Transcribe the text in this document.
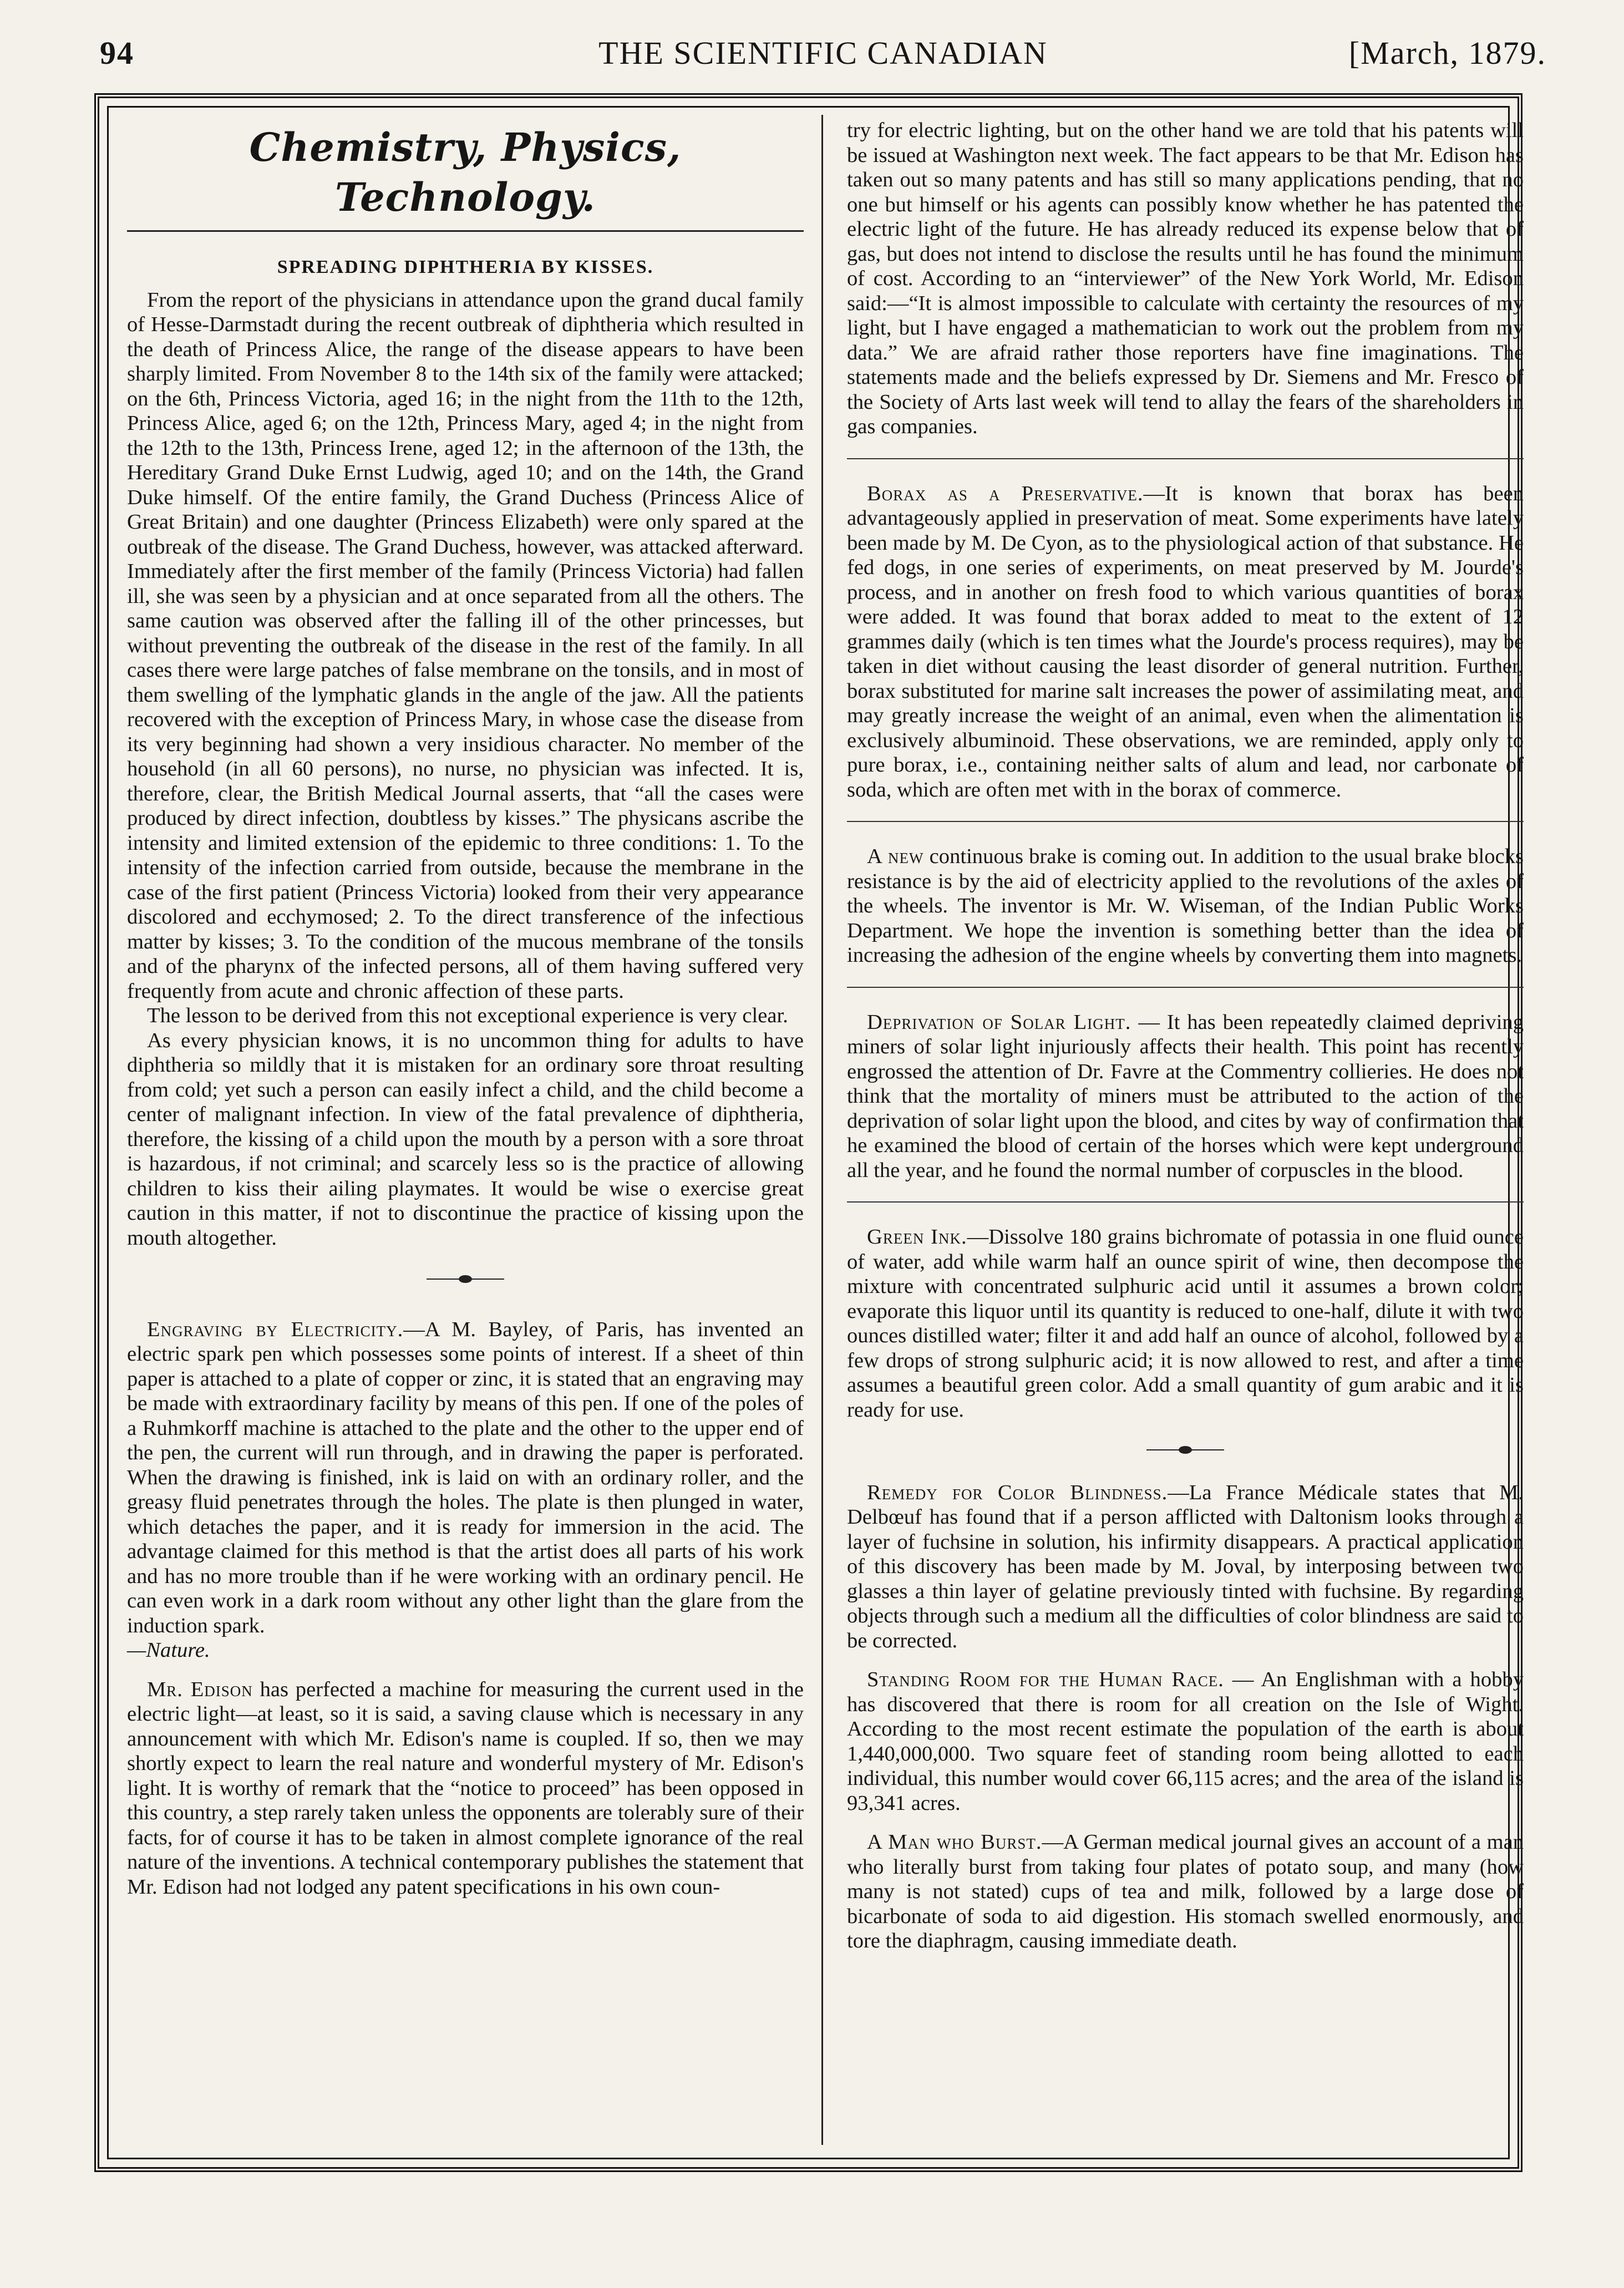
94	THE SCIENTIFIC CANADIAN	[March, 1879.
Chemistry, Physics, Technology.
SPREADING DIPHTHERIA BY KISSES.

From the report of the physicians in attendance upon the grand ducal family of Hesse-Darmstadt during the recent outbreak of diphtheria which resulted in the death of Princess Alice, the range of the disease appears to have been sharply limited. From November 8 to the 14th six of the family were attacked; on the 6th, Princess Victoria, aged 16; in the night from the 11th to the 12th, Princess Alice, aged 6; on the 12th, Princess Mary, aged 4; in the night from the 12th to the 13th, Princess Irene, aged 12; in the afternoon of the 13th, the Hereditary Grand Duke Ernst Ludwig, aged 10; and on the 14th, the Grand Duke himself. Of the entire family, the Grand Duchess (Princess Alice of Great Britain) and one daughter (Princess Elizabeth) were only spared at the outbreak of the disease. The Grand Duchess, however, was attacked afterward. Immediately after the first member of the family (Princess Victoria) had fallen ill, she was seen by a physician and at once separated from all the others. The same caution was observed after the falling ill of the other princesses, but without preventing the outbreak of the disease in the rest of the family. In all cases there were large patches of false membrane on the tonsils, and in most of them swelling of the lymphatic glands in the angle of the jaw. All the patients recovered with the exception of Princess Mary, in whose case the disease from its very beginning had shown a very insidious character. No member of the household (in all 60 persons), no nurse, no physician was infected. It is, therefore, clear, the British Medical Journal asserts, that “all the cases were produced by direct infection, doubtless by kisses.” The physicans ascribe the intensity and limited extension of the epidemic to three conditions: 1. To the intensity of the infection carried from outside, because the membrane in the case of the first patient (Princess Victoria) looked from their very appearance discolored and ecchymosed; 2. To the direct transference of the infectious matter by kisses; 3. To the condition of the mucous membrane of the tonsils and of the pharynx of the infected persons, all of them having suffered very frequently from acute and chronic affection of these parts.

The lesson to be derived from this not exceptional experience is very clear.

As every physician knows, it is no uncommon thing for adults to have diphtheria so mildly that it is mistaken for an ordinary sore throat resulting from cold; yet such a person can easily infect a child, and the child become a center of malignant infection. In view of the fatal prevalence of diphtheria, therefore, the kissing of a child upon the mouth by a person with a sore throat is hazardous, if not criminal; and scarcely less so is the practice of allowing children to kiss their ailing playmates. It would be wise o exercise great caution in this matter, if not to discontinue the practice of kissing upon the mouth altogether.

Engraving by Electricity.—A M. Bayley, of Paris, has invented an electric spark pen which possesses some points of interest. If a sheet of thin paper is attached to a plate of copper or zinc, it is stated that an engraving may be made with extraordinary facility by means of this pen. If one of the poles of a Ruhmkorff machine is attached to the plate and the other to the upper end of the pen, the current will run through, and in drawing the paper is perforated. When the drawing is finished, ink is laid on with an ordinary roller, and the greasy fluid penetrates through the holes. The plate is then plunged in water, which detaches the paper, and it is ready for immersion in the acid. The advantage claimed for this method is that the artist does all parts of his work and has no more trouble than if he were working with an ordinary pencil. He can even work in a dark room without any other light than the glare from the induction spark.
—Nature.

Mr. Edison has perfected a machine for measuring the current used in the electric light—at least, so it is said, a saving clause which is necessary in any announcement with which Mr. Edison's name is coupled. If so, then we may shortly expect to learn the real nature and wonderful mystery of Mr. Edison's light. It is worthy of remark that the “notice to proceed” has been opposed in this country, a step rarely taken unless the opponents are tolerably sure of their facts, for of course it has to be taken in almost complete ignorance of the real nature of the inventions. A technical contemporary publishes the statement that Mr. Edison had not lodged any patent specifications in his own coun-

try for electric lighting, but on the other hand we are told that his patents will be issued at Washington next week. The fact appears to be that Mr. Edison has taken out so many patents and has still so many applications pending, that no one but himself or his agents can possibly know whether he has patented the electric light of the future. He has already reduced its expense below that of gas, but does not intend to disclose the results until he has found the minimum of cost. According to an “interviewer” of the New York World, Mr. Edison said:—“It is almost impossible to calculate with certainty the resources of my light, but I have engaged a mathematician to work out the problem from my data.” We are afraid rather those reporters have fine imaginations. The statements made and the beliefs expressed by Dr. Siemens and Mr. Fresco of the Society of Arts last week will tend to allay the fears of the shareholders in gas companies.

Borax as a Preservative.—It is known that borax has been advantageously applied in preservation of meat. Some experiments have lately been made by M. De Cyon, as to the physiological action of that substance. He fed dogs, in one series of experiments, on meat preserved by M. Jourde's process, and in another on fresh food to which various quantities of borax were added. It was found that borax added to meat to the extent of 12 grammes daily (which is ten times what the Jourde's process requires), may be taken in diet without causing the least disorder of general nutrition. Further, borax substituted for marine salt increases the power of assimilating meat, and may greatly increase the weight of an animal, even when the alimentation is exclusively albuminoid. These observations, we are reminded, apply only to pure borax, i.e., containing neither salts of alum and lead, nor carbonate of soda, which are often met with in the borax of commerce.

A new continuous brake is coming out. In addition to the usual brake blocks resistance is by the aid of electricity applied to the revolutions of the axles of the wheels. The inventor is Mr. W. Wiseman, of the Indian Public Works Department. We hope the invention is something better than the idea of increasing the adhesion of the engine wheels by converting them into magnets.

Deprivation of Solar Light. — It has been repeatedly claimed depriving miners of solar light injuriously affects their health. This point has recently engrossed the attention of Dr. Favre at the Commentry collieries. He does not think that the mortality of miners must be attributed to the action of the deprivation of solar light upon the blood, and cites by way of confirmation that he examined the blood of certain of the horses which were kept underground all the year, and he found the normal number of corpuscles in the blood.

Green Ink.—Dissolve 180 grains bichromate of potassia in one fluid ounce of water, add while warm half an ounce spirit of wine, then decompose the mixture with concentrated sulphuric acid until it assumes a brown color; evaporate this liquor until its quantity is reduced to one-half, dilute it with two ounces distilled water; filter it and add half an ounce of alcohol, followed by a few drops of strong sulphuric acid; it is now allowed to rest, and after a time assumes a beautiful green color. Add a small quantity of gum arabic and it is ready for use.

Remedy for Color Blindness.—La France Médicale states that M. Delbœuf has found that if a person afflicted with Daltonism looks through a layer of fuchsine in solution, his infirmity disappears. A practical application of this discovery has been made by M. Joval, by interposing between two glasses a thin layer of gelatine previously tinted with fuchsine. By regarding objects through such a medium all the difficulties of color blindness are said to be corrected.

Standing Room for the Human Race. — An Englishman with a hobby has discovered that there is room for all creation on the Isle of Wight. According to the most recent estimate the population of the earth is about 1,440,000,000. Two square feet of standing room being allotted to each individual, this number would cover 66,115 acres; and the area of the island is 93,341 acres.

A Man who Burst.—A German medical journal gives an account of a man who literally burst from taking four plates of potato soup, and many (how many is not stated) cups of tea and milk, followed by a large dose of bicarbonate of soda to aid digestion. His stomach swelled enormously, and tore the diaphragm, causing immediate death.
